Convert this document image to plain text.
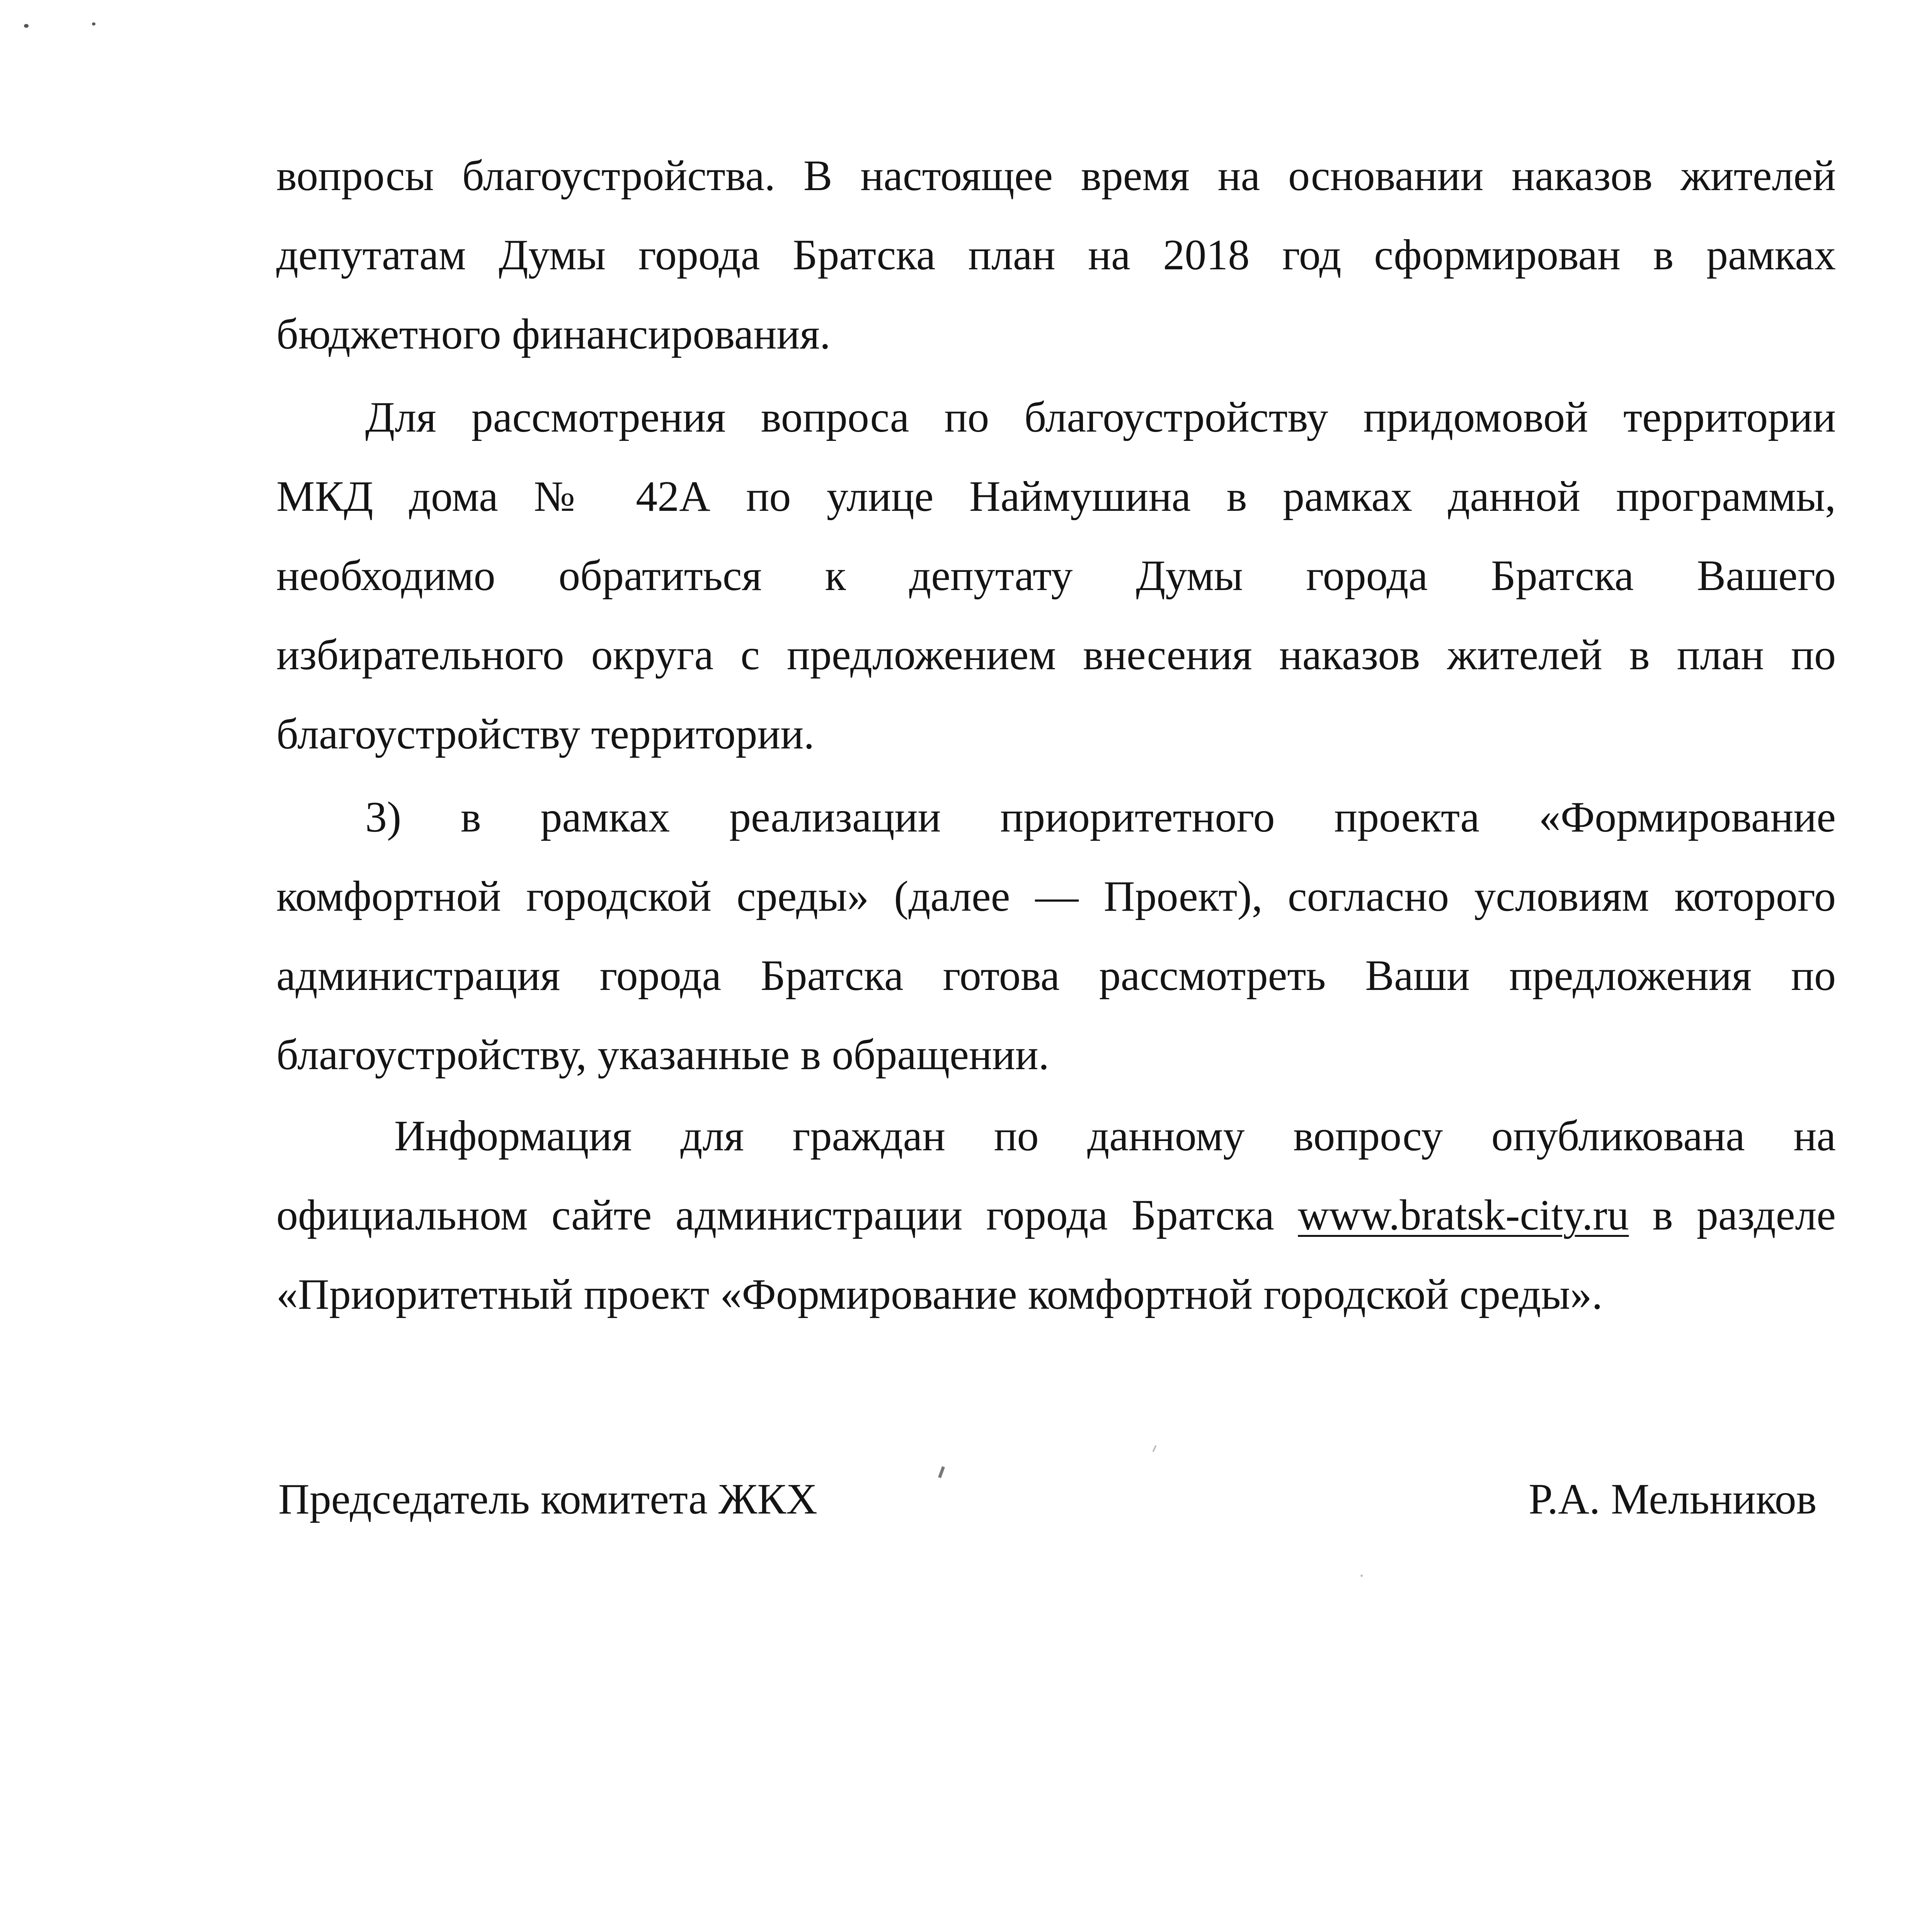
вопросы благоустройства. В настоящее время на основании наказов жителей
депутатам Думы города Братска план на 2018 год сформирован в рамках
бюджетного финансирования.
Для рассмотрения вопроса по благоустройству придомовой территории
МКД дома № 42А по улице Наймушина в рамках данной программы,
необходимо обратиться к депутату Думы города Братска Вашего
избирательного округа с предложением внесения наказов жителей в план по
благоустройству территории.
3) в рамках реализации приоритетного проекта «Формирование
комфортной городской среды» (далее — Проект), согласно условиям которого
администрация города Братска готова рассмотреть Ваши предложения по
благоустройству, указанные в обращении.
Информация для граждан по данному вопросу опубликована на
официальном сайте администрации города Братска www.bratsk-city.ru в разделе
«Приоритетный проект «Формирование комфортной городской среды».
Председатель комитета ЖКХ	Р.А. Мельников
